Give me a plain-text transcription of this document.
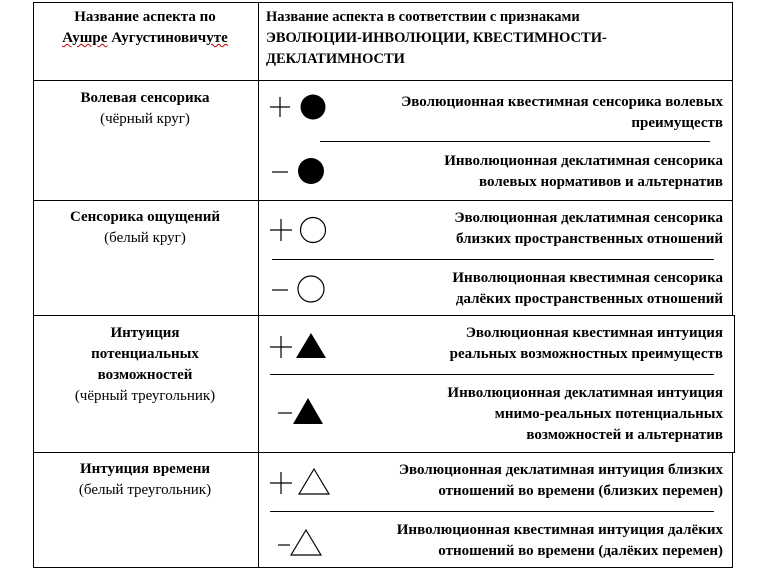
Название аспекта по
Аушре Аугустиновичуте
Название аспекта в соответствии с признаками
ЭВОЛЮЦИИ-ИНВОЛЮЦИИ, КВЕСТИМНОСТИ-
ДЕКЛАТИМНОСТИ
Волевая сенсорика
(чёрный круг)
Эволюционная квестимная сенсорика волевых
преимуществ
Инволюционная деклатимная сенсорика
волевых нормативов и альтернатив
Сенсорика ощущений
(белый круг)
Эволюционная деклатимная сенсорика
близких пространственных отношений
Инволюционная квестимная сенсорика
далёких пространственных отношений
Интуиция
потенциальных
возможностей
(чёрный треугольник)
Эволюционная квестимная интуиция
реальных возможностных преимуществ
Инволюционная деклатимная интуиция
мнимо-реальных потенциальных
возможностей и альтернатив
Интуиция времени
(белый треугольник)
Эволюционная деклатимная интуиция близких
отношений во времени (близких перемен)
Инволюционная квестимная интуиция далёких
отношений во времени (далёких перемен)
